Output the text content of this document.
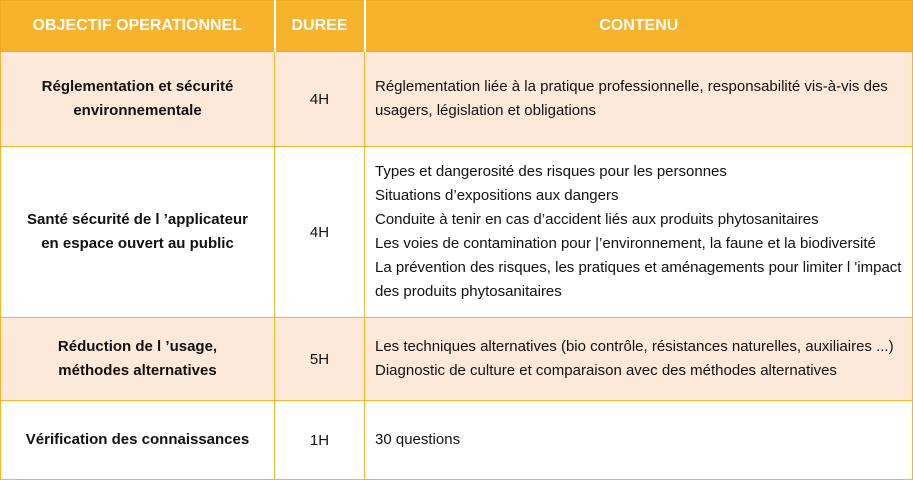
OBJECTIF OPERATIONNEL	DUREE	CONTENU

Réglementation et sécurité
environnementale	4H	Réglementation liée à la pratique professionnelle, responsabilité vis-à-vis des usagers, législation et obligations

Santé sécurité de l ’applicateur
en espace ouvert au public	4H	Types et dangerosité des risques pour les personnes
Situations d’expositions aux dangers
Conduite à tenir en cas d’accident liés aux produits phytosanitaires
Les voies de contamination pour |’environnement, la faune et la biodiversité
La prévention des risques, les pratiques et aménagements pour limiter l 'impact des produits phytosanitaires

Réduction de l ’usage,
méthodes alternatives	5H	Les techniques alternatives (bio contrôle, résistances naturelles, auxiliaires ...)
Diagnostic de culture et comparaison avec des méthodes alternatives

Vérification des connaissances	1H	30 questions
